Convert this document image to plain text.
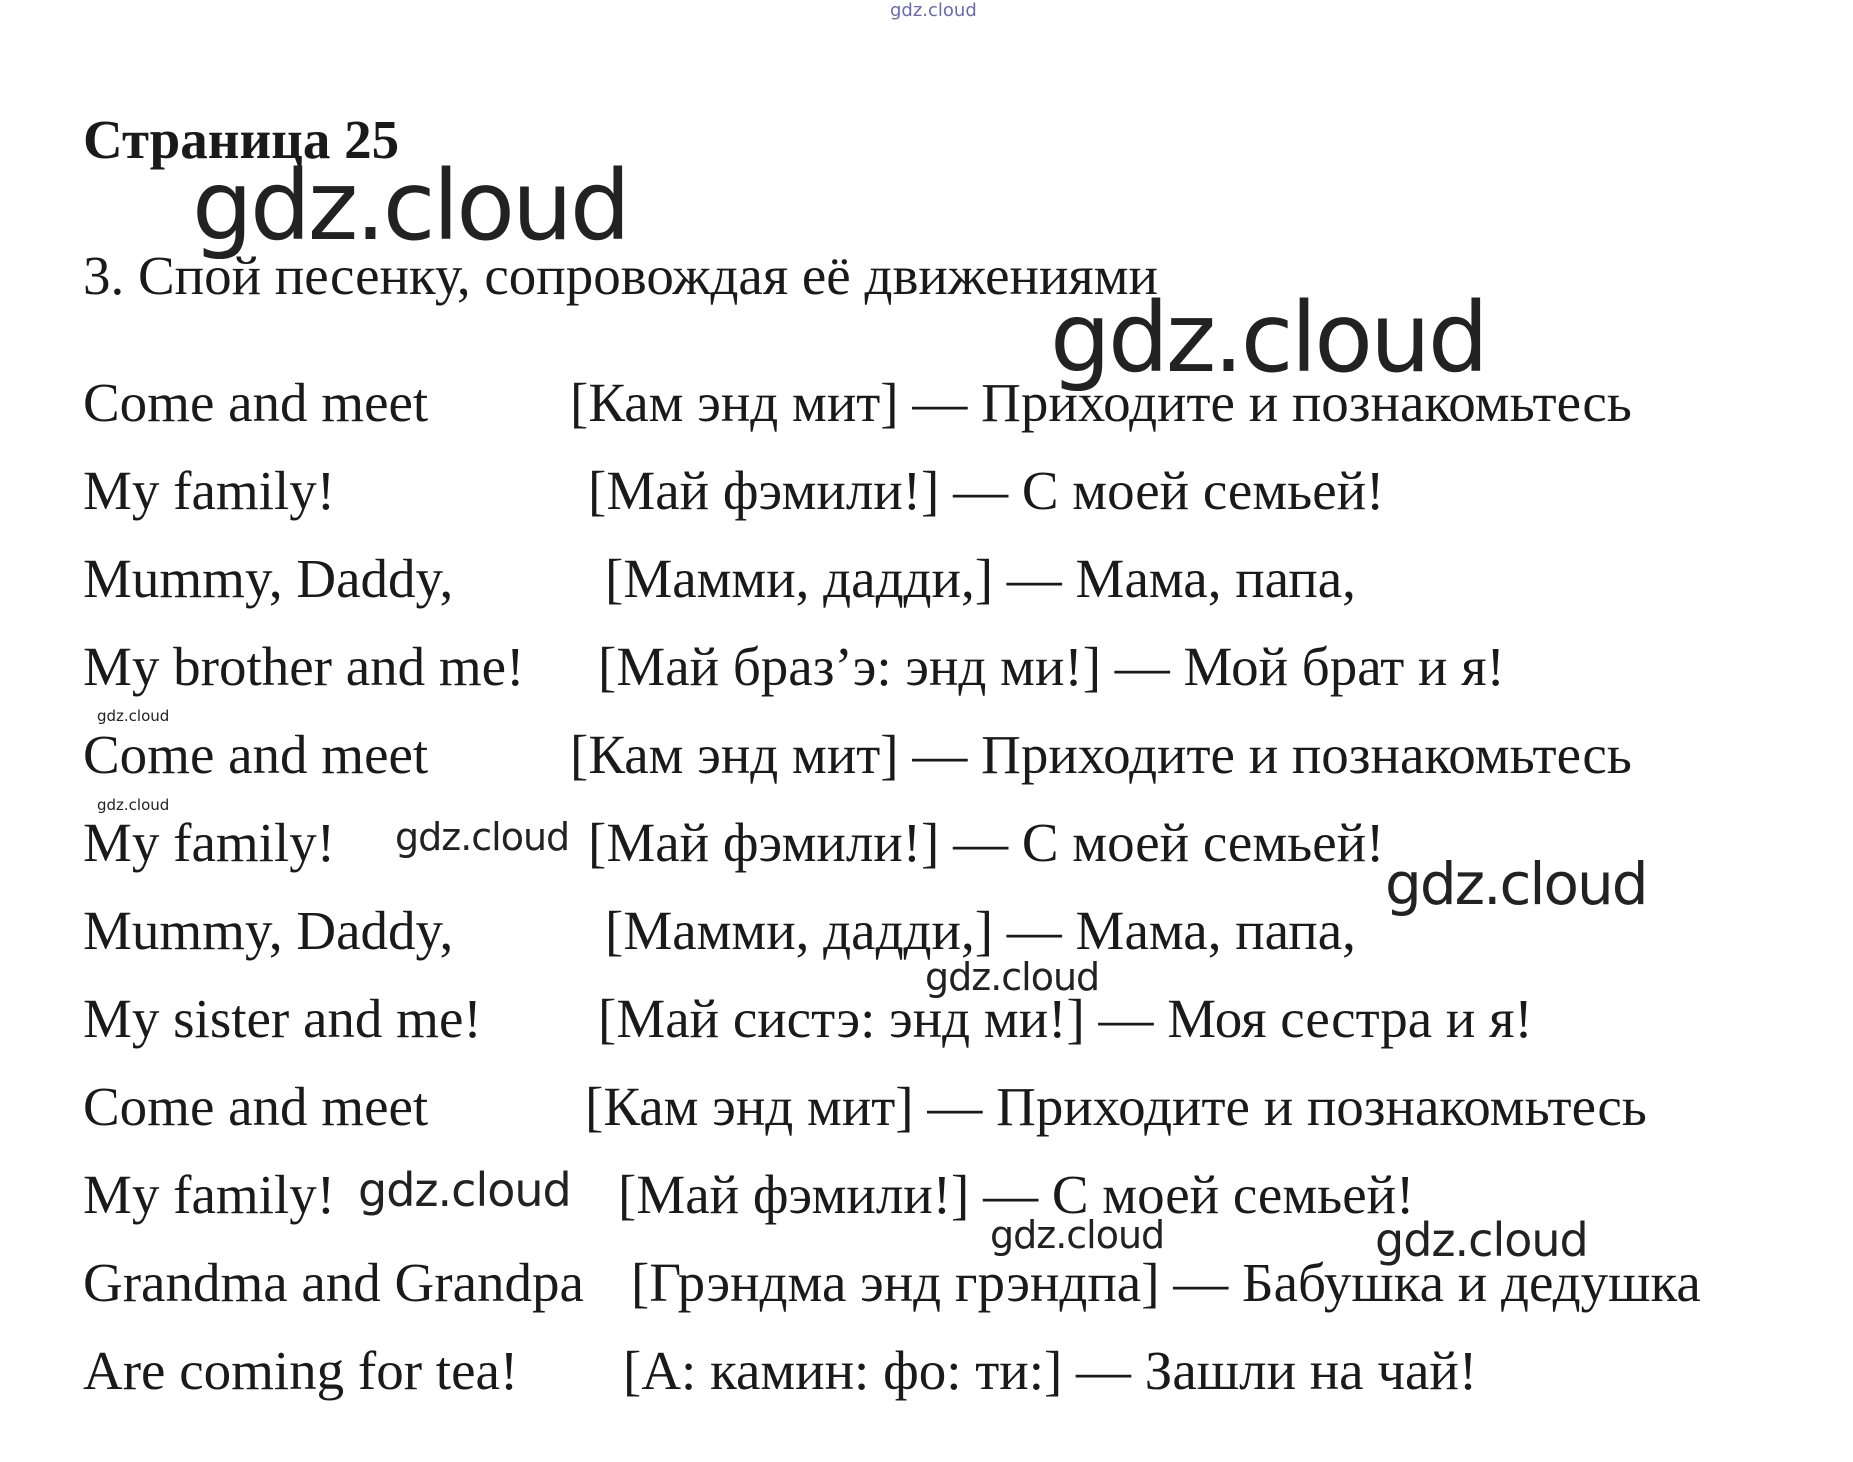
gdz.cloud
Страница 25
gdz.cloud
3. Спой песенку, сопровождая её движениями
gdz.cloud
Come and meet	[Кам энд мит] — Приходите и познакомьтесь
My family!	[Май фэмили!] — С моей семьей!
Mummy, Daddy,	[Мамми, дадди,] — Мама, папа,
My brother and me! [Май браз’э: энд ми!] — Мой брат и я!
gdz.cloud
Come and meet	[Кам энд мит] — Приходите и познакомьтесь
gdz.cloud
My family!	[Май фэмили!] — С моей семьей!
gdz.cloud
gdz.cloud
Mummy, Daddy,	[Мамми, дадди,] — Мама, папа,
gdz.cloud
My sister and me! [Май систэ: энд ми!] — Моя сестра и я!
Come and meet	[Кам энд мит] — Приходите и познакомьтесь
My family!	[Май фэмили!] — С моей семьей!
gdz.cloud
gdz.cloud	gdz.cloud
Grandma and Grandpa [Грэндма энд грэндпа] — Бабушка и дедушка
Are coming for tea! [А: камин: фо: ти:] — Зашли на чай!
